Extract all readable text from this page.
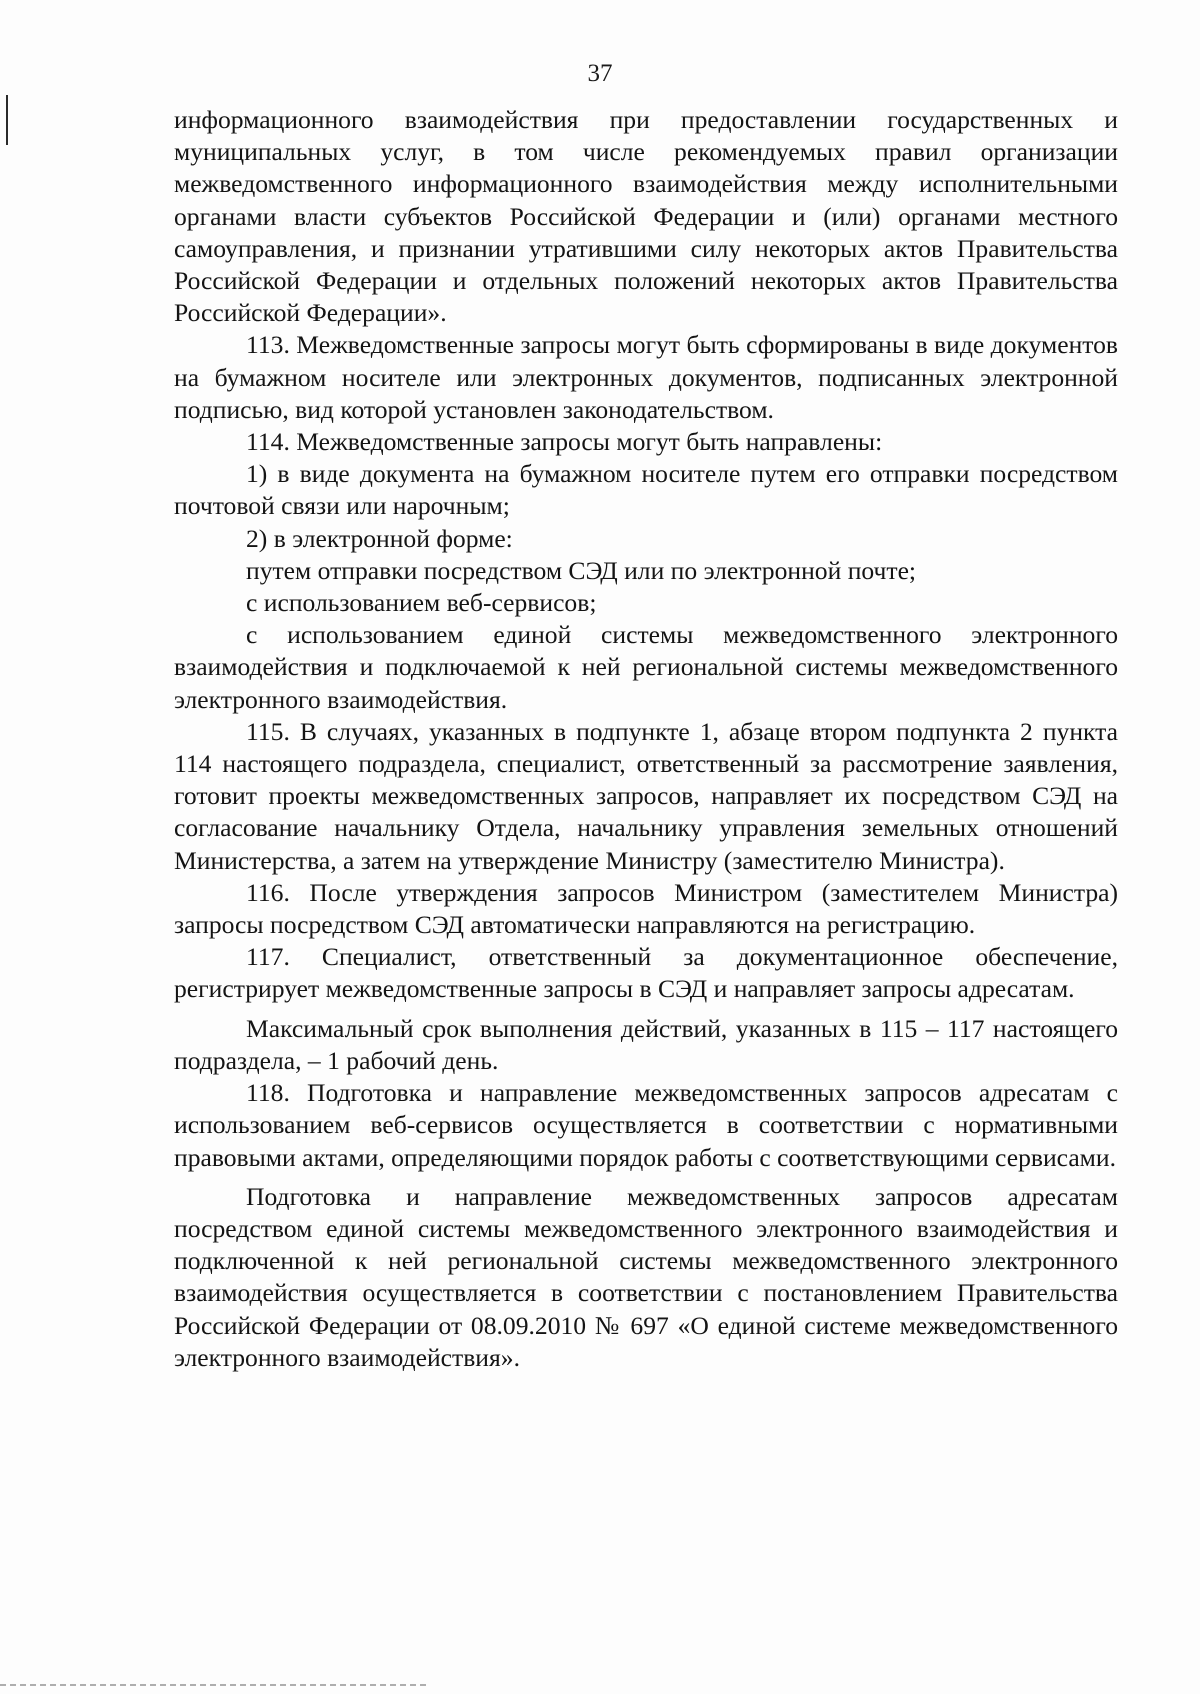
37

информационного взаимодействия при предоставлении государственных и муниципальных услуг, в том числе рекомендуемых правил организации межведомственного информационного взаимодействия между исполнительными органами власти субъектов Российской Федерации и (или) органами местного самоуправления, и признании утратившими силу некоторых актов Правительства Российской Федерации и отдельных положений некоторых актов Правительства Российской Федерации».

113. Межведомственные запросы могут быть сформированы в виде документов на бумажном носителе или электронных документов, подписанных электронной подписью, вид которой установлен законодательством.

114. Межведомственные запросы могут быть направлены:

1) в виде документа на бумажном носителе путем его отправки посредством почтовой связи или нарочным;

2) в электронной форме:

путем отправки посредством СЭД или по электронной почте;

с использованием веб-сервисов;

с использованием единой системы межведомственного электронного взаимодействия и подключаемой к ней региональной системы межведомственного электронного взаимодействия.

115. В случаях, указанных в подпункте 1, абзаце втором подпункта 2 пункта 114 настоящего подраздела, специалист, ответственный за рассмотрение заявления, готовит проекты межведомственных запросов, направляет их посредством СЭД на согласование начальнику Отдела, начальнику управления земельных отношений Министерства, а затем на утверждение Министру (заместителю Министра).

116. После утверждения запросов Министром (заместителем Министра) запросы посредством СЭД автоматически направляются на регистрацию.

117. Специалист, ответственный за документационное обеспечение, регистрирует межведомственные запросы в СЭД и направляет запросы адресатам.

Максимальный срок выполнения действий, указанных в 115 – 117 настоящего подраздела, – 1 рабочий день.

118. Подготовка и направление межведомственных запросов адресатам с использованием веб-сервисов осуществляется в соответствии с нормативными правовыми актами, определяющими порядок работы с соответствующими сервисами.

Подготовка и направление межведомственных запросов адресатам посредством единой системы межведомственного электронного взаимодействия и подключенной к ней региональной системы межведомственного электронного взаимодействия осуществляется в соответствии с постановлением Правительства Российской Федерации от 08.09.2010 № 697 «О единой системе межведомственного электронного взаимодействия».
